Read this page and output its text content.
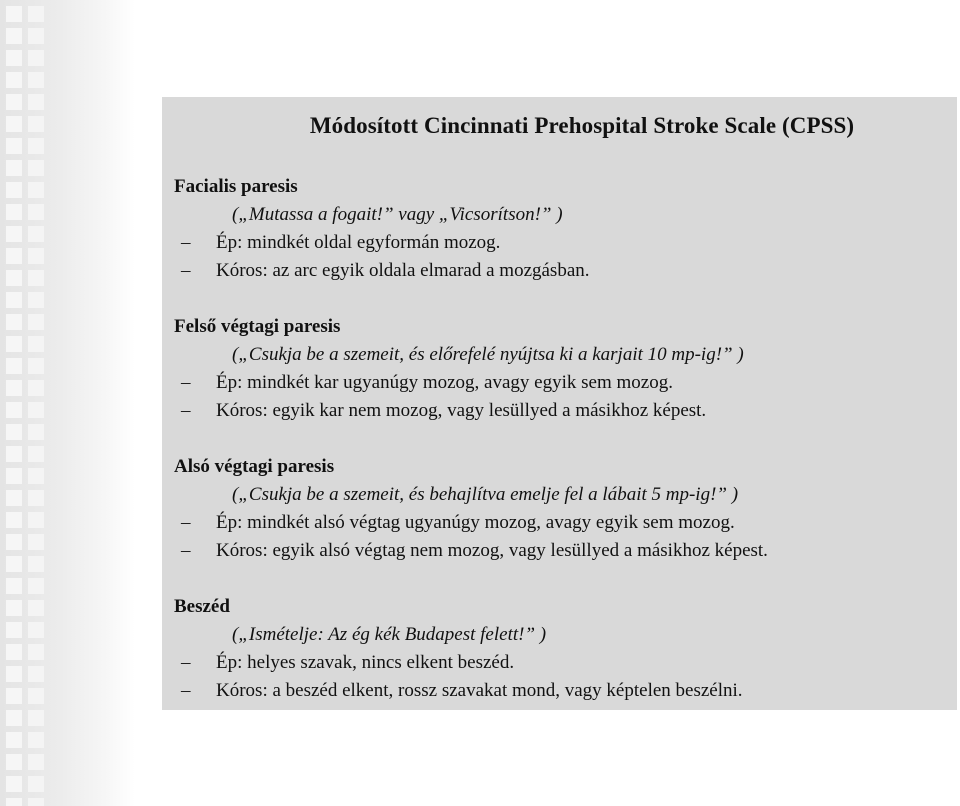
Módosított Cincinnati Prehospital Stroke Scale (CPSS)
Facialis paresis
(„Mutassa a fogait!” vagy „Vicsorítson!” )
–	Ép: mindkét oldal egyformán mozog.
–	Kóros: az arc egyik oldala elmarad a mozgásban.
Felső végtagi paresis
(„Csukja be a szemeit, és előrefelé nyújtsa ki a karjait 10 mp-ig!” )
–	Ép: mindkét kar ugyanúgy mozog, avagy egyik sem mozog.
–	Kóros: egyik kar nem mozog, vagy lesüllyed a másikhoz képest.
Alsó végtagi paresis
(„Csukja be a szemeit, és behajlítva emelje fel a lábait 5 mp-ig!” )
–	Ép: mindkét alsó végtag ugyanúgy mozog, avagy egyik sem mozog.
–	Kóros: egyik alsó végtag nem mozog, vagy lesüllyed a másikhoz képest.
Beszéd
(„Ismételje: Az ég kék Budapest felett!” )
–	Ép: helyes szavak, nincs elkent beszéd.
–	Kóros: a beszéd elkent, rossz szavakat mond, vagy képtelen beszélni.
